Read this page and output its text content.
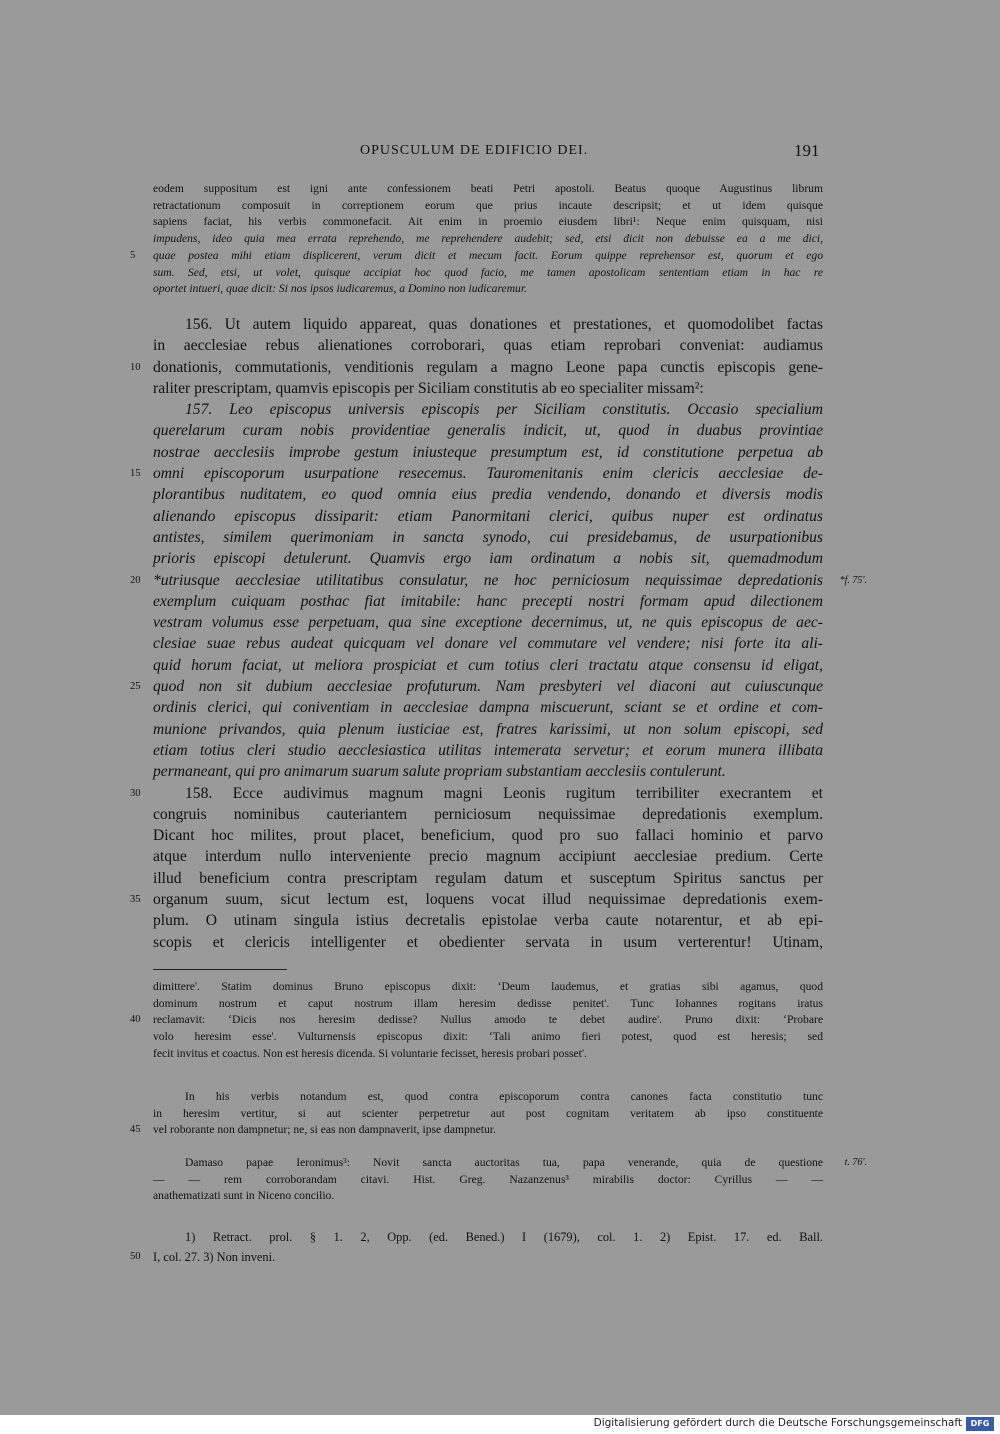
OPUSCULUM DE EDIFICIO DEI.	191
eodem suppositum est igni ante confessionem beati Petri apostoli. Beatus quoque Augustinus librum
retractationum composuit in correptionem eorum que prius incaute descripsit; et ut idem quisque
sapiens faciat, his verbis commonefacit. Ait enim in proemio eiusdem libri¹: Neque enim quisquam, nisi
impudens, ideo quia mea errata reprehendo, me reprehendere audebit; sed, etsi dicit non debuisse ea a me dici,
quae postea mihi etiam displicerent, verum dicit et mecum facit. Eorum quippe reprehensor est, quorum et ego
5
sum. Sed, etsi, ut volet, quisque accipiat hoc quod facio, me tamen apostolicam sententiam etiam in hac re
oportet intueri, quae dicit: Si nos ipsos iudicaremus, a Domino non iudicaremur.
156. Ut autem liquido appareat, quas donationes et prestationes, et quomodolibet factas
in aecclesiae rebus alienationes corroborari, quas etiam reprobari conveniat: audiamus
donationis, commutationis, venditionis regulam a magno Leone papa cunctis episcopis gene-
10
raliter prescriptam, quamvis episcopis per Siciliam constitutis ab eo specialiter missam²:
157. Leo episcopus universis episcopis per Siciliam constitutis. Occasio specialium
querelarum curam nobis providentiae generalis indicit, ut, quod in duabus provintiae
nostrae aecclesiis improbe gestum iniusteque presumptum est, id constitutione perpetua ab
omni episcoporum usurpatione resecemus. Tauromenitanis enim clericis aecclesiae de-
15
plorantibus nuditatem, eo quod omnia eius predia vendendo, donando et diversis modis
alienando episcopus dissiparit: etiam Panormitani clerici, quibus nuper est ordinatus
antistes, similem querimoniam in sancta synodo, cui presidebamus, de usurpationibus
prioris episcopi detulerunt. Quamvis ergo iam ordinatum a nobis sit, quemadmodum
*utriusque aecclesiae utilitatibus consulatur, ne hoc perniciosum nequissimae depredationis
20	*f. 75'.
exemplum cuiquam posthac fiat imitabile: hanc precepti nostri formam apud dilectionem
vestram volumus esse perpetuam, qua sine exceptione decernimus, ut, ne quis episcopus de aec-
clesiae suae rebus audeat quicquam vel donare vel commutare vel vendere; nisi forte ita ali-
quid horum faciat, ut meliora prospiciat et cum totius cleri tractatu atque consensu id eligat,
quod non sit dubium aecclesiae profuturum. Nam presbyteri vel diaconi aut cuiuscunque
25
ordinis clerici, qui coniventiam in aecclesiae dampna miscuerunt, sciant se et ordine et com-
munione privandos, quia plenum iusticiae est, fratres karissimi, ut non solum episcopi, sed
etiam totius cleri studio aecclesiastica utilitas intemerata servetur; et eorum munera illibata
permaneant, qui pro animarum suarum salute propriam substantiam aecclesiis contulerunt.
158. Ecce audivimus magnum magni Leonis rugitum terribiliter execrantem et
30
congruis nominibus cauteriantem perniciosum nequissimae depredationis exemplum.
Dicant hoc milites, prout placet, beneficium, quod pro suo fallaci hominio et parvo
atque interdum nullo interveniente precio magnum accipiunt aecclesiae predium. Certe
illud beneficium contra prescriptam regulam datum et susceptum Spiritus sanctus per
organum suum, sicut lectum est, loquens vocat illud nequissimae depredationis exem-
35
plum. O utinam singula istius decretalis epistolae verba caute notarentur, et ab epi-
scopis et clericis intelligenter et obedienter servata in usum verterentur! Utinam,
dimittere'. Statim dominus Bruno episcopus dixit: ‘Deum laudemus, et gratias sibi agamus, quod
dominum nostrum et caput nostrum illam heresim dedisse penitet'. Tunc Iohannes rogitans iratus
reclamavit: ‘Dicis nos heresim dedisse? Nullus amodo te debet audire'. Pruno dixit: ‘Probare
40
volo heresim esse'. Vulturnensis episcopus dixit: ‘Tali animo fieri potest, quod est heresis; sed
fecit invitus et coactus. Non est heresis dicenda. Si voluntarie fecisset, heresis probari posset'.
In his verbis notandum est, quod contra episcoporum contra canones facta constitutio tunc
in heresim vertitur, si aut scienter perpetretur aut post cognitam veritatem ab ipso constituente
vel roborante non dampnetur; ne, si eas non dampnaverit, ipse dampnetur.
45
Damaso papae Ieronimus³: Novit sancta auctoritas tua, papa venerande, quia de questione t. 76'.
— — rem corroborandam citavi. Hist. Greg. Nazanzenus³ mirabilis doctor: Cyrillus — —
anathematizati sunt in Niceno concilio.
1) Retract. prol. § 1. 2, Opp. (ed. Bened.) I (1679), col. 1. 2) Epist. 17. ed. Ball.
I, col. 27. 3) Non inveni.
50
Digitalisierung gefördert durch die Deutsche Forschungsgemeinschaft	DFG
